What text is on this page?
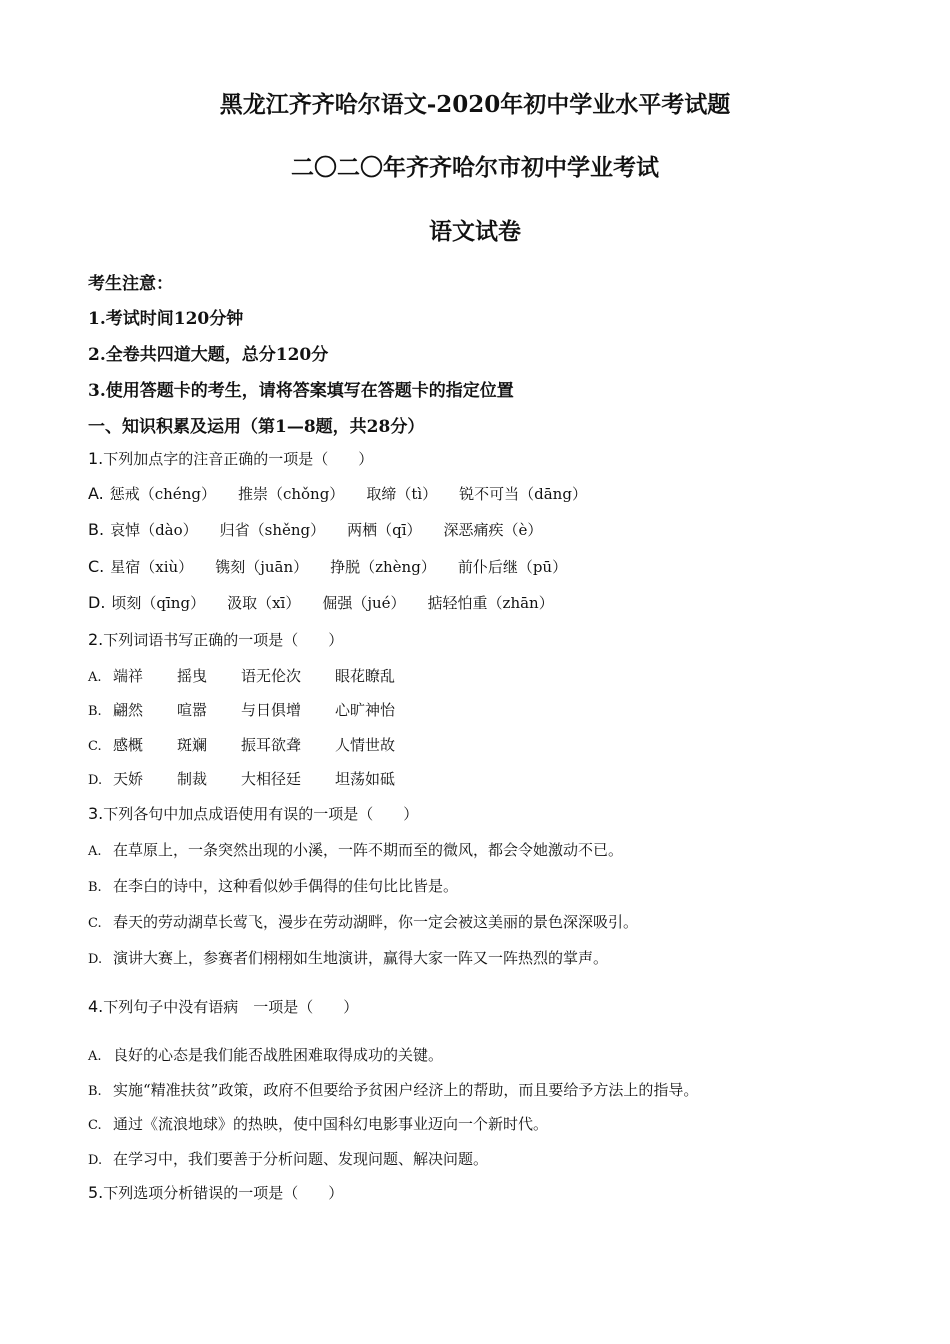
黑龙江齐齐哈尔语文-2020年初中学业水平考试题
二〇二〇年齐齐哈尔市初中学业考试
语文试卷
考生注意：
1.考试时间120分钟
2.全卷共四道大题，总分120分
3.使用答题卡的考生，请将答案填写在答题卡的指定位置
一、知识积累及运用（第1—8题，共28分）
1.下列加点字的注音正确的一项是（　　）
A. 惩戒（chéng） 推崇（chǒng） 取缔（tì） 锐不可当（dāng）
B. 哀悼（dào） 归省（shěng） 两栖（qī） 深恶痛疾（è）
C. 星宿（xiù） 镌刻（juān） 挣脱（zhèng） 前仆后继（pū）
D. 顷刻（qīng） 汲取（xī） 倔强（jué） 掂轻怕重（zhān）
2.下列词语书写正确的一项是（　　）
A. 端祥 摇曳 语无伦次 眼花瞭乱
B. 翩然 喧嚣 与日俱增 心旷神怡
C. 感概 斑斓 振耳欲聋 人情世故
D. 天娇 制裁 大相径廷 坦荡如砥
3.下列各句中加点成语使用有误的一项是（　　）
A. 在草原上，一条突然出现的小溪，一阵不期而至的微风，都会令她激动不已。
B. 在李白的诗中，这种看似妙手偶得的佳句比比皆是。
C. 春天的劳动湖草长莺飞，漫步在劳动湖畔，你一定会被这美丽的景色深深吸引。
D. 演讲大赛上，参赛者们栩栩如生地演讲，赢得大家一阵又一阵热烈的掌声。
4.下列句子中没有语病　一项是（　　）
A. 良好的心态是我们能否战胜困难取得成功的关键。
B. 实施“精准扶贫”政策，政府不但要给予贫困户经济上的帮助，而且要给予方法上的指导。
C. 通过《流浪地球》的热映，使中国科幻电影事业迈向一个新时代。
D. 在学习中，我们要善于分析问题、发现问题、解决问题。
5.下列选项分析错误的一项是（　　）
